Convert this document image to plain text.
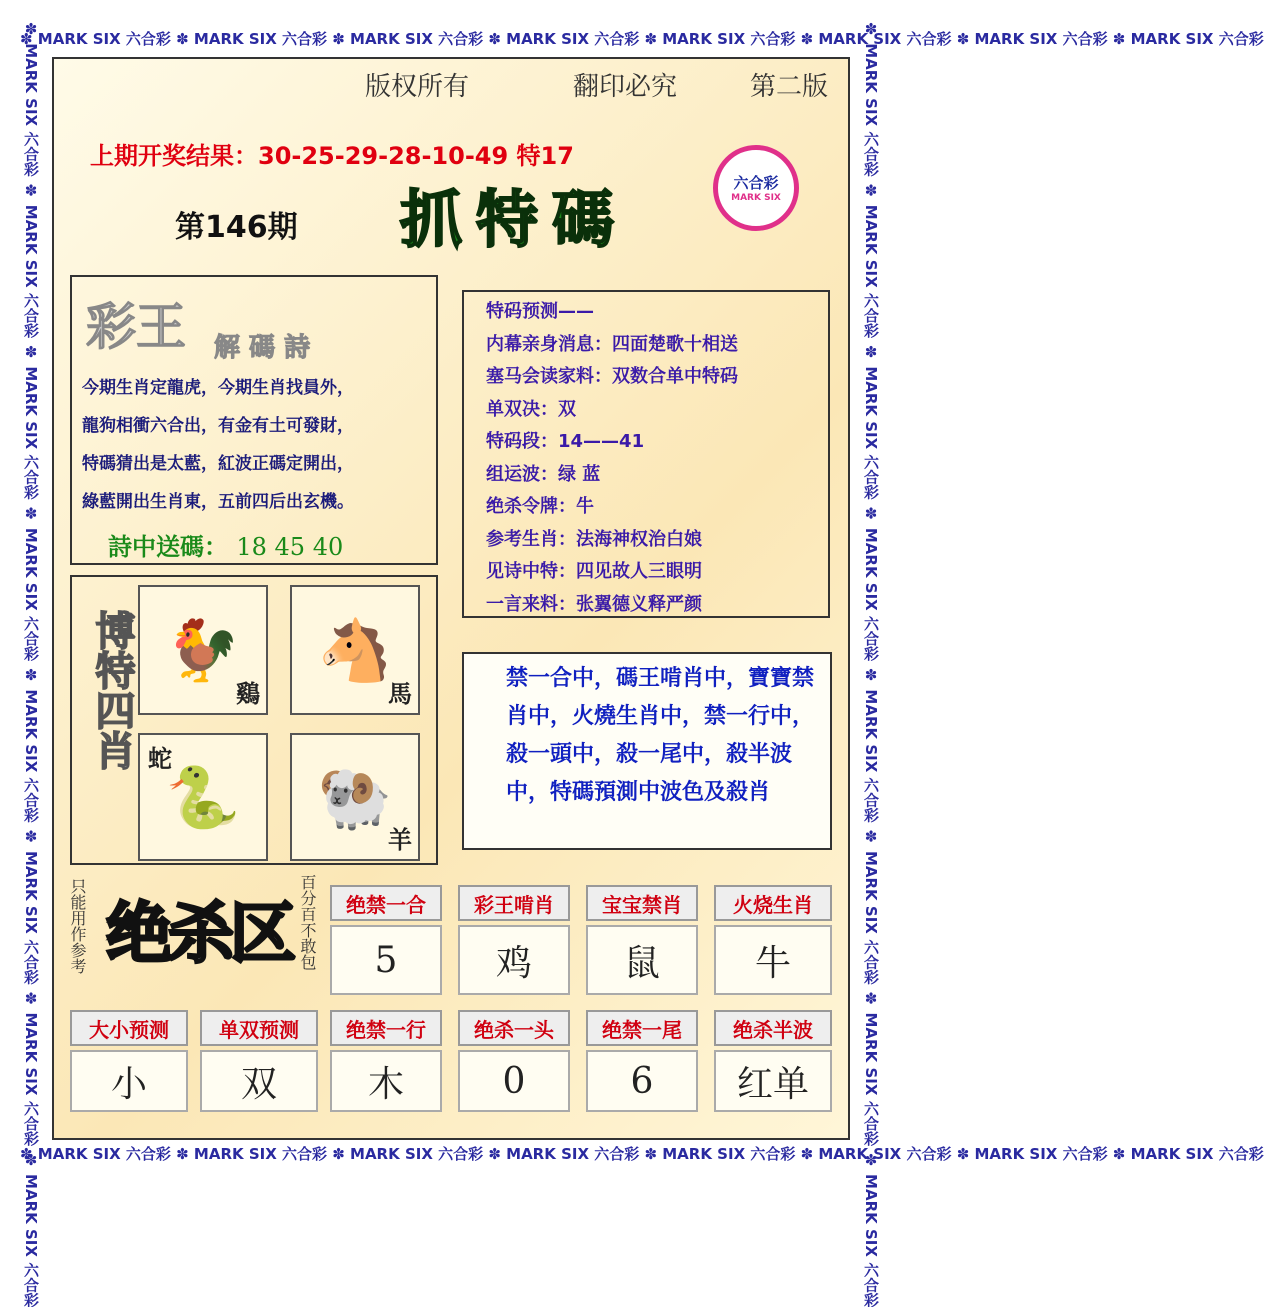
✽ MARK SIX 六合彩 ✽ MARK SIX 六合彩 ✽ MARK SIX 六合彩 ✽ MARK SIX 六合彩 ✽ MARK SIX 六合彩 ✽ MARK SIX 六合彩 ✽ MARK SIX 六合彩 ✽ MARK SIX 六合彩
✽ MARK SIX 六合彩 ✽ MARK SIX 六合彩 ✽ MARK SIX 六合彩 ✽ MARK SIX 六合彩 ✽ MARK SIX 六合彩 ✽ MARK SIX 六合彩 ✽ MARK SIX 六合彩 ✽ MARK SIX 六合彩
✽ MARK SIX 六合彩 ✽ MARK SIX 六合彩 ✽ MARK SIX 六合彩 ✽ MARK SIX 六合彩 ✽ MARK SIX 六合彩 ✽ MARK SIX 六合彩 ✽ MARK SIX 六合彩 ✽ MARK SIX 六合彩	✽ MARK SIX 六合彩 ✽ MARK SIX 六合彩 ✽ MARK SIX 六合彩 ✽ MARK SIX 六合彩 ✽ MARK SIX 六合彩 ✽ MARK SIX 六合彩 ✽ MARK SIX 六合彩 ✽ MARK SIX 六合彩
版权所有	翻印必究	第二版
上期开奖结果：30-25-29-28-10-49 特17
第146期 抓特碼	六合彩
MARK SIX
彩王 解 碼 詩
今期生肖定龍虎，今期生肖找員外，
龍狗相衝六合出，有金有土可發財，
特碼猜出是太藍，紅波正碼定開出，
綠藍開出生肖東，五前四后出玄機。
詩中送碼： 18 45 40
特码预测——
内幕亲身消息：四面楚歌十相送
塞马会读家料：双数合单中特码
单双决：双
特码段：14——41
组运波：绿 蓝
绝杀令牌：牛
参考生肖：法海神权治白娘
见诗中特：四见故人三眼明
一言来料：张翼德义释严颜
博特四肖 🐓
鷄
🐴
馬
🐍
蛇
🐏
羊
禁一合中，碼王啃肖中，寶寶禁肖中，火燒生肖中，禁一行中，殺一頭中，殺一尾中，殺半波中，特碼預測中波色及殺肖
只能用作参考 绝杀区 百分百不敢包	绝禁一合	彩王啃肖	宝宝禁肖	火烧生肖
5	鸡	鼠	牛
大小预测	单双预测	绝禁一行	绝杀一头	绝禁一尾	绝杀半波
小	双	木	0	6	红单
